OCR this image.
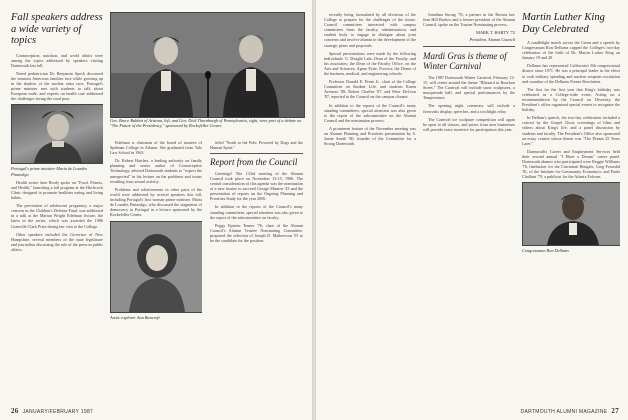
Fall speakers address a wide variety of topics

Contraception, nutrition, and world affairs were among the topics addressed by speakers visiting Dartmouth last fall.

Noted pediatrician Dr. Benjamin Spock discussed the tensions American families face while growing up in the shadow of the nuclear arms race; Portugal's prime minister met with students to talk about European trade, and experts on health care addressed the challenges facing the rural poor.

Portugal's prime minister Maria de Lourdes Pintasilgo

Health writer Jane Brody spoke on "Food, Fitness, and Health," launching a fall program at the Hitchcock Clinic designed to promote healthier eating and living habits.

The prevention of adolescent pregnancy, a major concern in the Children's Defense Fund, was addressed in a talk at the Marian Wright Edelman lecture, the latest in the series, which was awarded the 1986 Granville Clark Prize during her visit to the College.

Other speakers included the Governor of New Hampshire, several members of the state legislature and journalists discussing the role of the press in public affairs.

Gov. Bruce Babbitt of Arizona, left, and Gov. Dick Thornburgh of Pennsylvania, right, were part of a debate on "The Future of the Presidency," sponsored by Rockefeller Center.

Edelman is chairman of the board of trustees of Spelman College in Atlanta. She graduated from Yale Law School in 1963.

Dr. Robert Hatcher, a leading authority on family planning and senior author of Contraceptive Technology, advised Dartmouth students to "expect the unexpected" in his lecture on the problems and issues resulting from sexual activity.

Problems and achievements in other parts of the world were addressed by several speakers this fall, including Portugal's first woman prime minister. Maria de Lourdes Pintasilgo, who discussed the stagnation of democracy in Portugal in a lecture sponsored by the Rockefeller Center.

Arctic explorer Ann Bancroft

titled "North to the Pole: Powered by Dogs and the Human Spirit."

Report from the Council

Greetings! The 133rd meeting of the Alumni Council took place on November 13-15, 1986. The central consideration of this agenda was the nomination of a new trustee to succeed George Munroe '43 and the presentation of reports on the Ongoing Planning and Priorities Study for the year 2000.

In addition to the reports of the Council's many standing committees, special attention was also given to the report of the subcommittee on faculty.

Peggy Epstein Tenner '76, chair of the Alumni Council's Alumni Trustee Nominating Committee, proposed the selection of Joseph D. Mathewson '55 to be the candidate for the position.

26 JANUARY/FEBRUARY 1987

recently being formulated by all divisions of the College to prepare for the challenges of the future. Council committees interacted with campus committees from the faculty, administration, and student body to engage in dialogue about joint concerns and involve alumni in the development of the strategic plans and proposals.

Special presentations were made by the following individuals: G. Dwight Lahr, Dean of the Faculty, and his associates; the Dean of the Faculty Office, on the Arts and Sciences; Agnar Pytte, Provost; the Deans of the business, medical, and engineering schools.

Professor Donald E. Pease Jr., chair of the College Committee on Student Life, and students Karen Avenoso '88, Robert Chaffee '87, and Peter DeLeon '87, reported to the Council on the campus climate.

In addition to the reports of the Council's many standing committees, special attention was also given to the report of the subcommittee on the Alumni Council and the nomination process.

A prominent feature of the November meeting was an Alumni Planning and Priorities presentation by S. Jamie Smith '80, founder of the Committee for a Strong Dartmouth.

Jonathan Strong '76, a partner in the Boston law firm Hill Barlow and a former president of the Alumni Council, spoke on the Trustee Nominating process.

MARK T. HARTY '72
President, Alumni Council
Mardi Gras is theme of Winter Carnival

The 1987 Dartmouth Winter Carnival, February 12-15, will center around the theme "Blizzard in Bourbon Street." The Carnival will include snow sculptures, a masquerade ball, and special performances by the Tempestones.

The opening night ceremony will include a fireworks display, speeches, and a torchlight relay.

The Carnival ice sculpture competition will again be open to all classes, and prizes from area businesses will provide extra incentive for participation this year.

Martin Luther King Day Celebrated

A candlelight march across the Green and a speech by Congressman Ron Dellums capped the College's two-day celebration of the birth of Dr. Martin Luther King on January 19 and 20.

Dellums has represented California's 8th congressional district since 1971. He was a principal leader in the effort to curb military spending and nuclear weapons escalation and coauthor of the Dellums Freeze Resolution.

The first for the first year that King's birthday was celebrated as a College-wide event. Acting on a recommendation by the Council on Diversity, the President's office organized special events to recognize the holiday.

In Dellum's speech, the two-day celebration included a concert by the Gospel Choir, screenings of films and videos about King's life, and a panel discussion by students and faculty. The President's Office also sponsored an essay contest whose theme was "The Dream 25 Years Later."

Dartmouth's Career and Employment Services held their second annual "I Have a Dream" career panel. Dartmouth alumni who participated were Reggie Williams '76, linebacker for the Cincinnati Bengals; Greg Fossedal '81, of the Institute for Community Economics; and Paula Chalfant '79, a publicist for the Atlanta Falcons.

Congressman Ron Dellums
DARTMOUTH ALUMNI MAGAZINE 27
